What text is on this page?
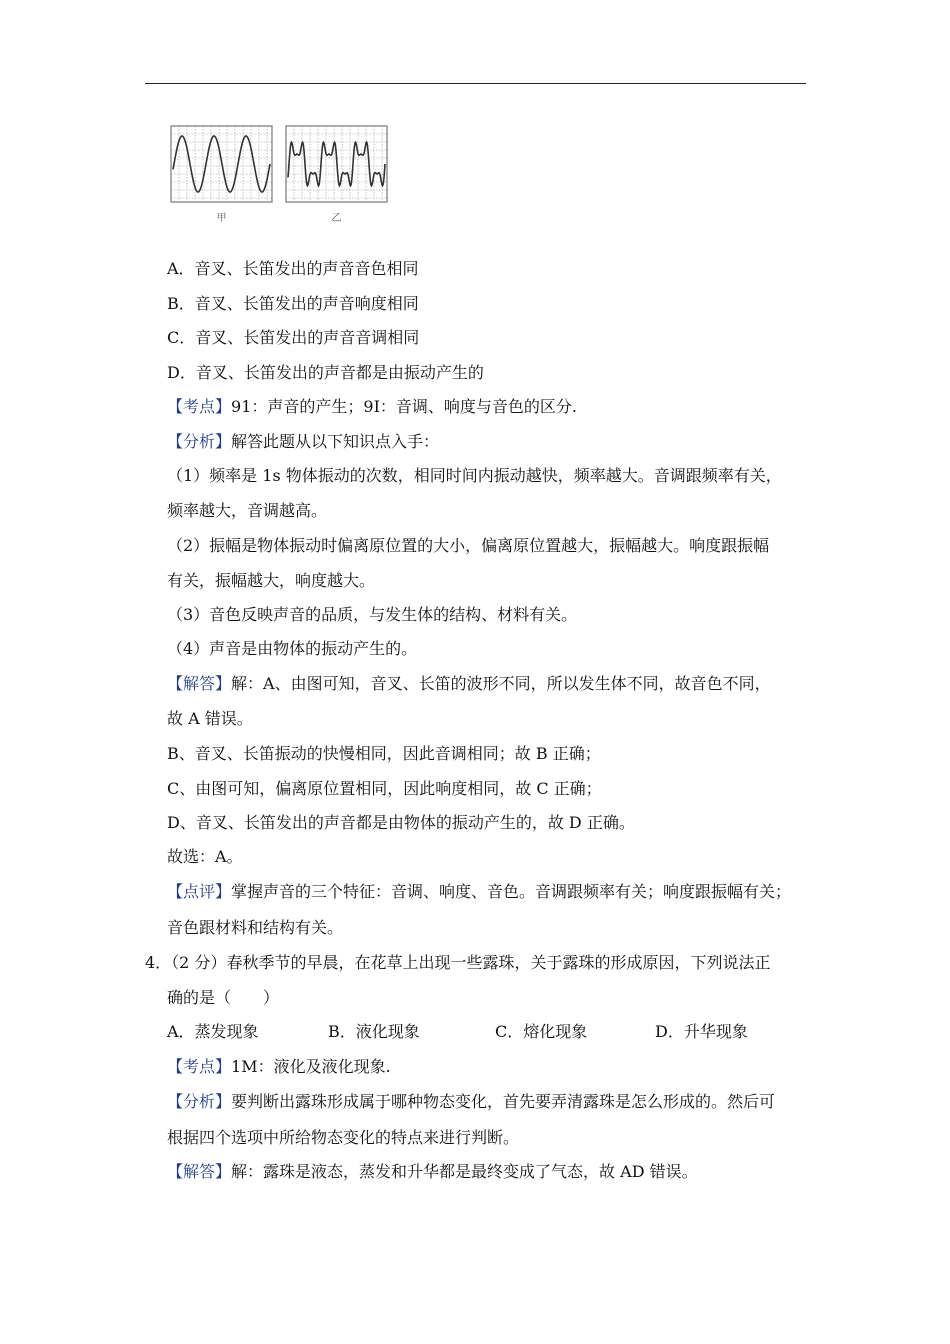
甲	乙
A．音叉、长笛发出的声音音色相同
B．音叉、长笛发出的声音响度相同
C．音叉、长笛发出的声音音调相同
D．音叉、长笛发出的声音都是由振动产生的
【考点】91：声音的产生；9I：音调、响度与音色的区分.
【分析】解答此题从以下知识点入手：
（1）频率是 1s 物体振动的次数，相同时间内振动越快，频率越大。音调跟频率有关，
频率越大，音调越高。
（2）振幅是物体振动时偏离原位置的大小，偏离原位置越大，振幅越大。响度跟振幅
有关，振幅越大，响度越大。
（3）音色反映声音的品质，与发生体的结构、材料有关。
（4）声音是由物体的振动产生的。
【解答】解：A、由图可知，音叉、长笛的波形不同，所以发生体不同，故音色不同，
故 A 错误。
B、音叉、长笛振动的快慢相同，因此音调相同；故 B 正确；
C、由图可知，偏离原位置相同，因此响度相同，故 C 正确；
D、音叉、长笛发出的声音都是由物体的振动产生的，故 D 正确。
故选：A。
【点评】掌握声音的三个特征：音调、响度、音色。音调跟频率有关；响度跟振幅有关；
音色跟材料和结构有关。
4．（2 分）春秋季节的早晨，在花草上出现一些露珠，关于露珠的形成原因，下列说法正
确的是（　　）
A．蒸发现象	B．液化现象	C．熔化现象	D．升华现象
【考点】1M：液化及液化现象.
【分析】要判断出露珠形成属于哪种物态变化，首先要弄清露珠是怎么形成的。然后可
根据四个选项中所给物态变化的特点来进行判断。
【解答】解：露珠是液态，蒸发和升华都是最终变成了气态，故 AD 错误。
